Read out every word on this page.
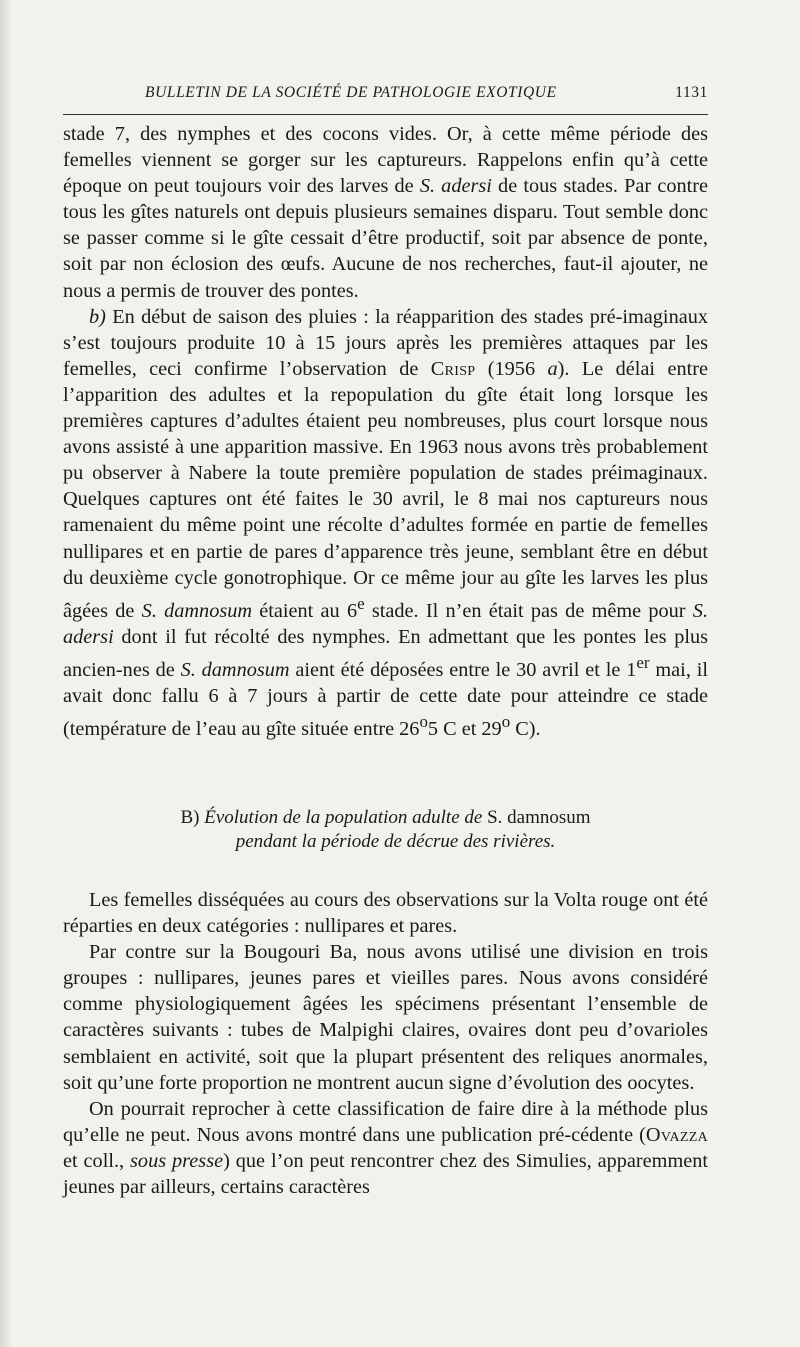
BULLETIN DE LA SOCIÉTÉ DE PATHOLOGIE EXOTIQUE	1131

stade 7, des nymphes et des cocons vides. Or, à cette même période des femelles viennent se gorger sur les captureurs. Rappelons enfin qu’à cette époque on peut toujours voir des larves de S. adersi de tous stades. Par contre tous les gîtes naturels ont depuis plusieurs semaines disparu. Tout semble donc se passer comme si le gîte cessait d’être productif, soit par absence de ponte, soit par non éclosion des œufs. Aucune de nos recherches, faut-il ajouter, ne nous a permis de trouver des pontes.

b) En début de saison des pluies : la réapparition des stades pré-imaginaux s’est toujours produite 10 à 15 jours après les premières attaques par les femelles, ceci confirme l’observation de Crisp (1956 a). Le délai entre l’apparition des adultes et la repopulation du gîte était long lorsque les premières captures d’adultes étaient peu nombreuses, plus court lorsque nous avons assisté à une apparition massive. En 1963 nous avons très probablement pu observer à Nabere la toute première population de stades préimaginaux. Quelques captures ont été faites le 30 avril, le 8 mai nos captureurs nous ramenaient du même point une récolte d’adultes formée en partie de femelles nullipares et en partie de pares d’apparence très jeune, semblant être en début du deuxième cycle gonotrophique. Or ce même jour au gîte les larves les plus âgées de S. damnosum étaient au 6e stade. Il n’en était pas de même pour S. adersi dont il fut récolté des nymphes. En admettant que les pontes les plus ancien-nes de S. damnosum aient été déposées entre le 30 avril et le 1er mai, il avait donc fallu 6 à 7 jours à partir de cette date pour atteindre ce stade (température de l’eau au gîte située entre 26$^o$5 C et 29$^o$ C).

B) Évolution de la population adulte de S. damnosum
pendant la période de décrue des rivières.

Les femelles disséquées au cours des observations sur la Volta rouge ont été réparties en deux catégories : nullipares et pares.

Par contre sur la Bougouri Ba, nous avons utilisé une division en trois groupes : nullipares, jeunes pares et vieilles pares. Nous avons considéré comme physiologiquement âgées les spécimens présentant l’ensemble de caractères suivants : tubes de Malpighi claires, ovaires dont peu d’ovarioles semblaient en activité, soit que la plupart présentent des reliques anormales, soit qu’une forte proportion ne montrent aucun signe d’évolution des oocytes.

On pourrait reprocher à cette classification de faire dire à la méthode plus qu’elle ne peut. Nous avons montré dans une publication pré-cédente (Ovazza et coll., sous presse) que l’on peut rencontrer chez des Simulies, apparemment jeunes par ailleurs, certains caractères
